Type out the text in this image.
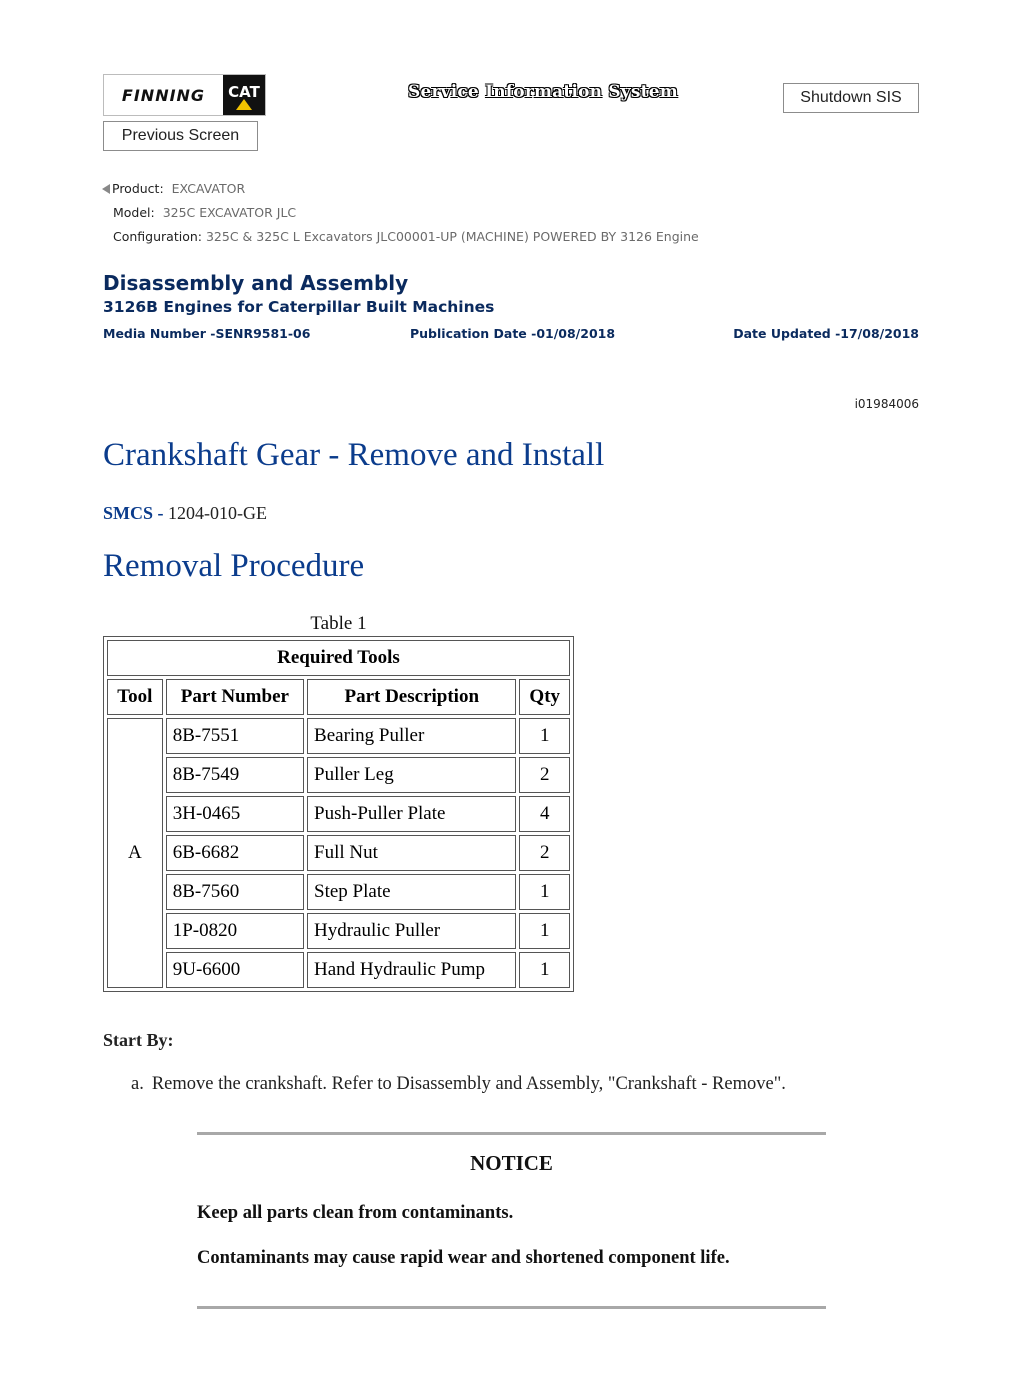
FINNING	CAT	Service Information System	Shutdown SIS
Previous Screen
Product: EXCAVATOR
Model: 325C EXCAVATOR JLC
Configuration: 325C & 325C L Excavators JLC00001-UP (MACHINE) POWERED BY 3126 Engine
Disassembly and Assembly
3126B Engines for Caterpillar Built Machines
Media Number -SENR9581-06	Publication Date -01/08/2018	Date Updated -17/08/2018
i01984006
Crankshaft Gear - Remove and Install
SMCS - 1204-010-GE
Removal Procedure
Table 1
Required Tools			
Tool	Part Number	Part Description	Qty
A	8B-7551	Bearing Puller	1
	8B-7549	Puller Leg	2
	3H-0465	Push-Puller Plate	4
	6B-6682	Full Nut	2
	8B-7560	Step Plate	1
	1P-0820	Hydraulic Puller	1
	9U-6600	Hand Hydraulic Pump	1
Start By:
a. Remove the crankshaft. Refer to Disassembly and Assembly, "Crankshaft - Remove".
NOTICE
Keep all parts clean from contaminants.
Contaminants may cause rapid wear and shortened component life.
